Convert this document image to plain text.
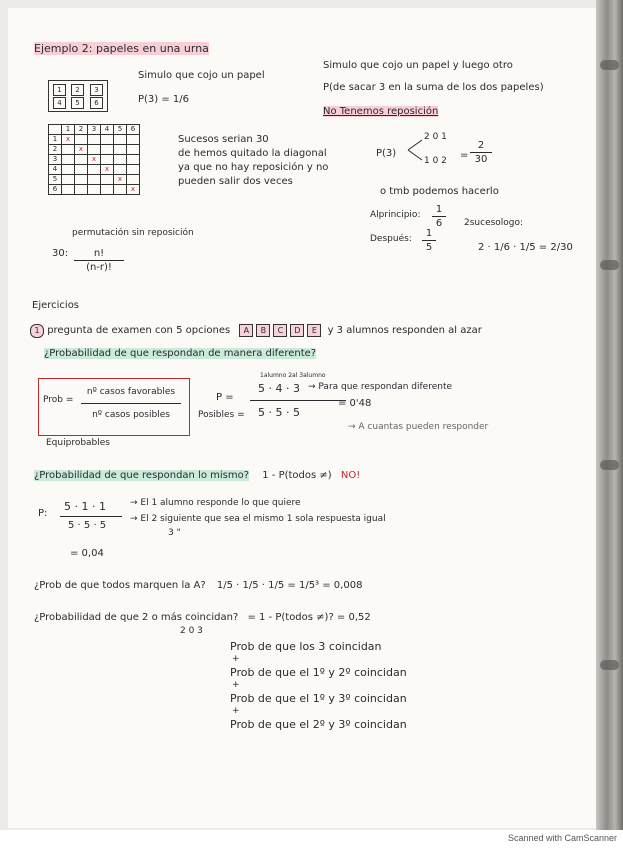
Ejemplo 2: papeles en una urna
1	2	3
4	5	6
Simulo que cojo un papel
P(3) = 1/6
Simulo que cojo un papel y luego otro
P(de sacar 3 en la suma de los dos papeles)
No Tenemos reposición
	1	2	3	4	5	6
1	x					
2		x				
3			x			
4				x		
5					x	
6						x
Sucesos serian 30
de hemos quitado la diagonal
ya que no hay reposición y no
pueden salir dos veces
P(3)
2 0 1
1 0 2 =
2
30
o tmb podemos hacerlo
Alprincipio:	1
6	2sucesologo:
Después:	1
5	2 · 1/6 · 1/5 = 2/30
permutación sin reposición
30:	n!
(n-r)!
Ejercicios
1 pregunta de examen con 5 opciones A B C D E y 3 alumnos responden al azar
¿Probabilidad de que respondan de manera diferente?
Prob =
nº casos favorables
nº casos posibles
Equiprobables
P =
1alumno 2al 3alumno
5 · 4 · 3 → Para que respondan diferente
5 · 5 · 5
= 0'48
Posibles =
→ A cuantas pueden responder
¿Probabilidad de que respondan lo mismo? 1 - P(todos ≠) NO!
P:
5 · 1 · 1
5 · 5 · 5
→ El 1 alumno responde lo que quiere
→ El 2 siguiente que sea el mismo 1 sola respuesta igual
3 "
= 0,04
¿Prob de que todos marquen la A? 1/5 · 1/5 · 1/5 = 1/5³ = 0,008
¿Probabilidad de que 2 o más coincidan? = 1 - P(todos ≠)? = 0,52
2 0 3
Prob de que los 3 coincidan
+
Prob de que el 1º y 2º coincidan
+
Prob de que el 1º y 3º coincidan
+
Prob de que el 2º y 3º coincidan
Scanned with CamScanner
